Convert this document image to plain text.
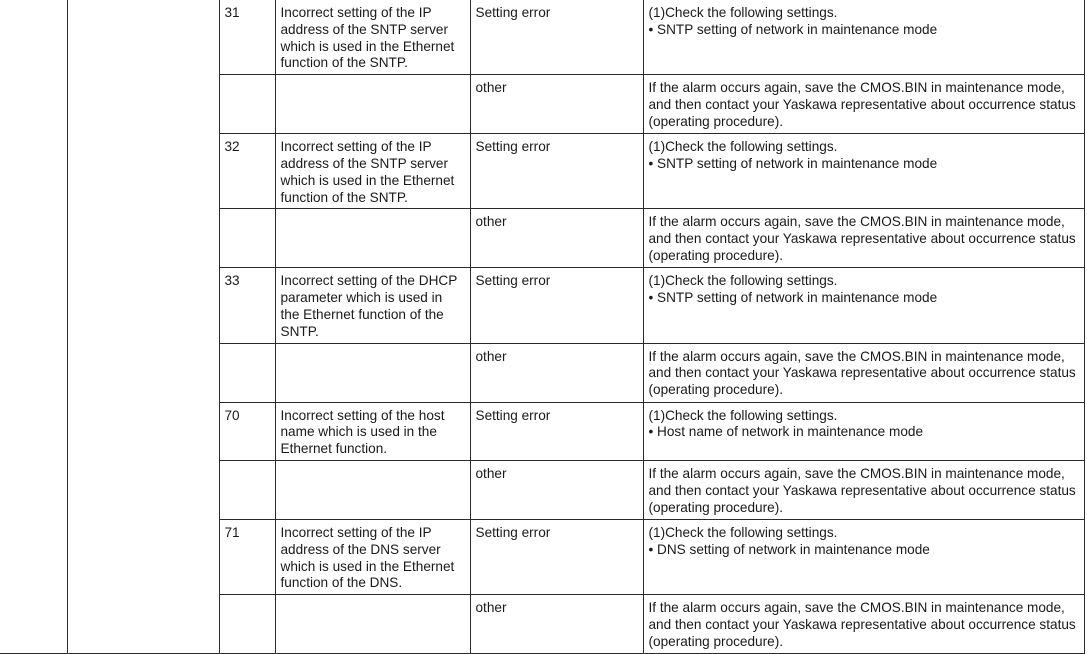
		31	Incorrect setting of the IP address of the SNTP server which is used in the Ethernet function of the SNTP.	Setting error	(1)Check the following settings.
• SNTP setting of network in maintenance mode

				other	If the alarm occurs again, save the CMOS.BIN in maintenance mode, and then contact your Yaskawa representative about occurrence status (operating procedure).
		32	Incorrect setting of the IP address of the SNTP server which is used in the Ethernet function of the SNTP.	Setting error	(1)Check the following settings.
• SNTP setting of network in maintenance mode

				other	If the alarm occurs again, save the CMOS.BIN in maintenance mode, and then contact your Yaskawa representative about occurrence status (operating procedure).
		33	Incorrect setting of the DHCP parameter which is used in the Ethernet function of the SNTP.	Setting error	(1)Check the following settings.
• SNTP setting of network in maintenance mode

				other	If the alarm occurs again, save the CMOS.BIN in maintenance mode, and then contact your Yaskawa representative about occurrence status (operating procedure).
		70	Incorrect setting of the host name which is used in the Ethernet function.	Setting error	(1)Check the following settings.
• Host name of network in maintenance mode

				other	If the alarm occurs again, save the CMOS.BIN in maintenance mode, and then contact your Yaskawa representative about occurrence status (operating procedure).
		71	Incorrect setting of the IP address of the DNS server which is used in the Ethernet function of the DNS.	Setting error	(1)Check the following settings.
• DNS setting of network in maintenance mode

				other	If the alarm occurs again, save the CMOS.BIN in maintenance mode, and then contact your Yaskawa representative about occurrence status (operating procedure).
